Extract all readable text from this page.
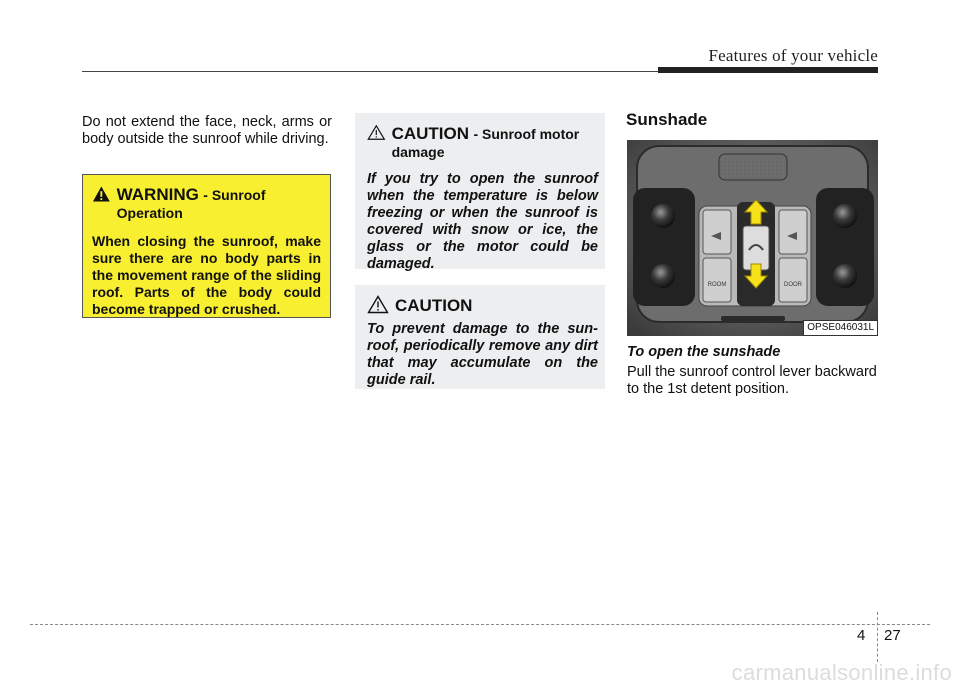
Features of your vehicle
Do not extend the face, neck, arms or body outside the sunroof while driving.
WARNING - Sunroof Operation
When closing the sunroof, make sure there are no body parts in the movement range of the sliding roof. Parts of the body could become trapped or crushed.
CAUTION - Sunroof motor damage
If you try to open the sunroof when the temperature is below freezing or when the sunroof is covered with snow or ice, the glass or the motor could be damaged.
CAUTION
To prevent damage to the sunroof, periodically remove any dirt that may accumulate on the guide rail.
Sunshade
ROOM	DOOR
OPSE046031L
To open the sunshade
Pull the sunroof control lever backward to the 1st detent position.
4 27
carmanualsonline.info
